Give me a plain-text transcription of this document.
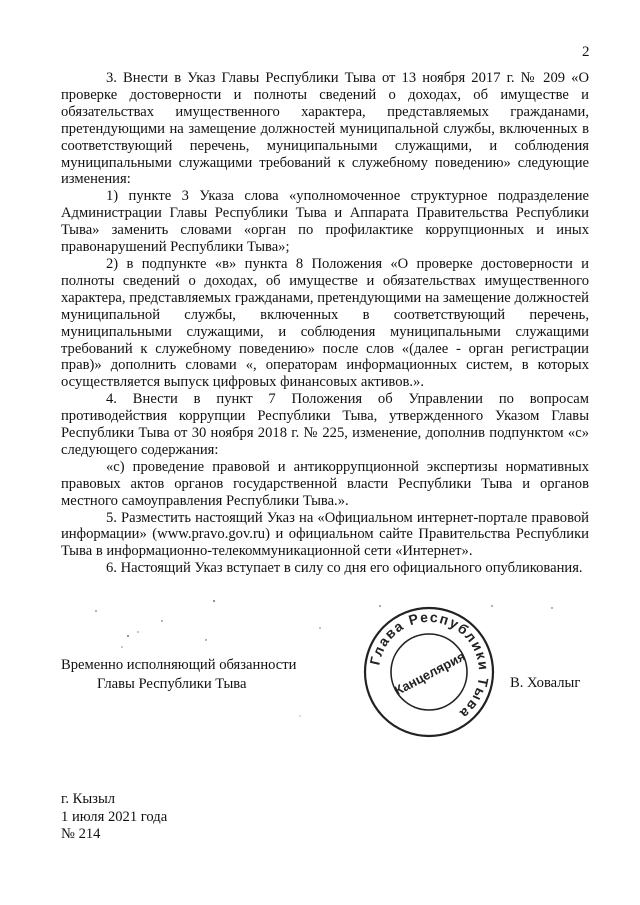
2

3. Внести в Указ Главы Республики Тыва от 13 ноября 2017 г. № 209 «О проверке достоверности и полноты сведений о доходах, об имуществе и обязательствах имущественного характера, представляемых гражданами, претендующими на замещение должностей муниципальной службы, включенных в соответствующий перечень, муниципальными служащими, и соблюдения муниципальными служащими требований к служебному поведению» следующие изменения:

1) пункте 3 Указа слова «уполномоченное структурное подразделение Администрации Главы Республики Тыва и Аппарата Правительства Республики Тыва» заменить словами «орган по профилактике коррупционных и иных правонарушений Республики Тыва»;

2) в подпункте «в» пункта 8 Положения «О проверке достоверности и полноты сведений о доходах, об имуществе и обязательствах имущественного характера, представляемых гражданами, претендующими на замещение должностей муниципальной службы, включенных в соответствующий перечень, муниципальными служащими, и соблюдения муниципальными служащими требований к служебному поведению» после слов «(далее - орган регистрации прав)» дополнить словами «, операторам информационных систем, в которых осуществляется выпуск цифровых финансовых активов.».

4. Внести в пункт 7 Положения об Управлении по вопросам противодействия коррупции Республики Тыва, утвержденного Указом Главы Республики Тыва от 30 ноября 2018 г. № 225, изменение, дополнив подпунктом «с» следующего содержания:

«с) проведение правовой и антикоррупционной экспертизы нормативных правовых актов органов государственной власти Республики Тыва и органов местного самоуправления Республики Тыва.».

5. Разместить настоящий Указ на «Официальном интернет-портале правовой информации» (www.pravo.gov.ru) и официальном сайте Правительства Республики Тыва в информационно-телекоммуникационной сети «Интернет».

6. Настоящий Указ вступает в силу со дня его официального опубликования.

Временно исполняющий обязанности
Главы Республики Тыва
Глава Республики Тыва
Канцелярия	В. Ховалыг
г. Кызыл
1 июля 2021 года
№ 214
